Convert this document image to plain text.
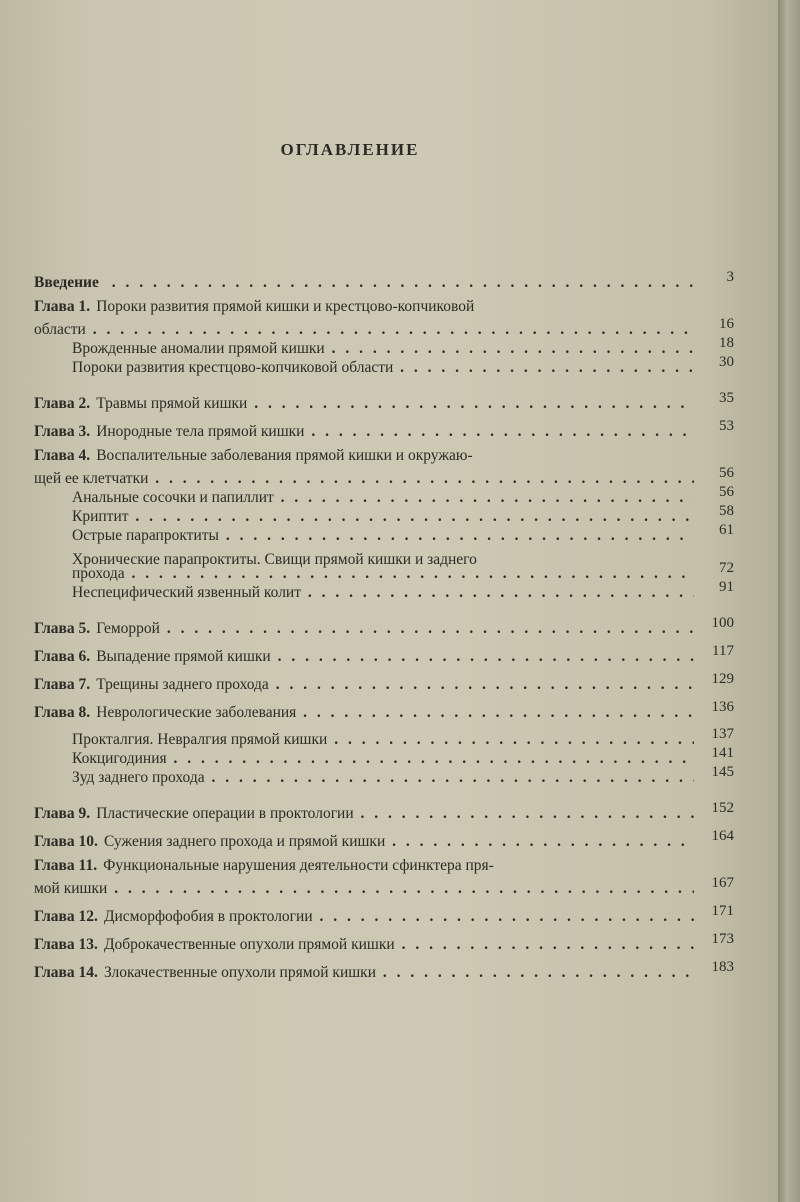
ОГЛАВЛЕНИЕ
Введение . . .	3
Глава 1. Пороки развития прямой кишки и крестцово-копчиковой
области . . .	16
Врожденные аномалии прямой кишки . . .	18
Пороки развития крестцово-копчиковой области . . .	30
Глава 2. Травмы прямой кишки . . .	35
Глава 3. Инородные тела прямой кишки . . .	53
Глава 4. Воспалительные заболевания прямой кишки и окружаю-
щей ее клетчатки . . .	56
Анальные сосочки и папиллит . . .	56
Криптит . . .	58
Острые парапроктиты . . .	61
Хронические парапроктиты. Свищи прямой кишки и заднего
прохода . . .	72
Неспецифический язвенный колит . . .	91
Глава 5. Геморрой . . .	100
Глава 6. Выпадение прямой кишки . . .	117
Глава 7. Трещины заднего прохода . . .	129
Глава 8. Неврологические заболевания . . .	136
Прокталгия. Невралгия прямой кишки . . .	137
Кокцигодиния . . .	141
Зуд заднего прохода . . .	145
Глава 9. Пластические операции в проктологии . . .	152
Глава 10. Сужения заднего прохода и прямой кишки . . .	164
Глава 11. Функциональные нарушения деятельности сфинктера пря-
мой кишки . . .	167
Глава 12. Дисморфофобия в проктологии . . .	171
Глава 13. Доброкачественные опухоли прямой кишки . . .	173
Глава 14. Злокачественные опухоли прямой кишки . . .	183
